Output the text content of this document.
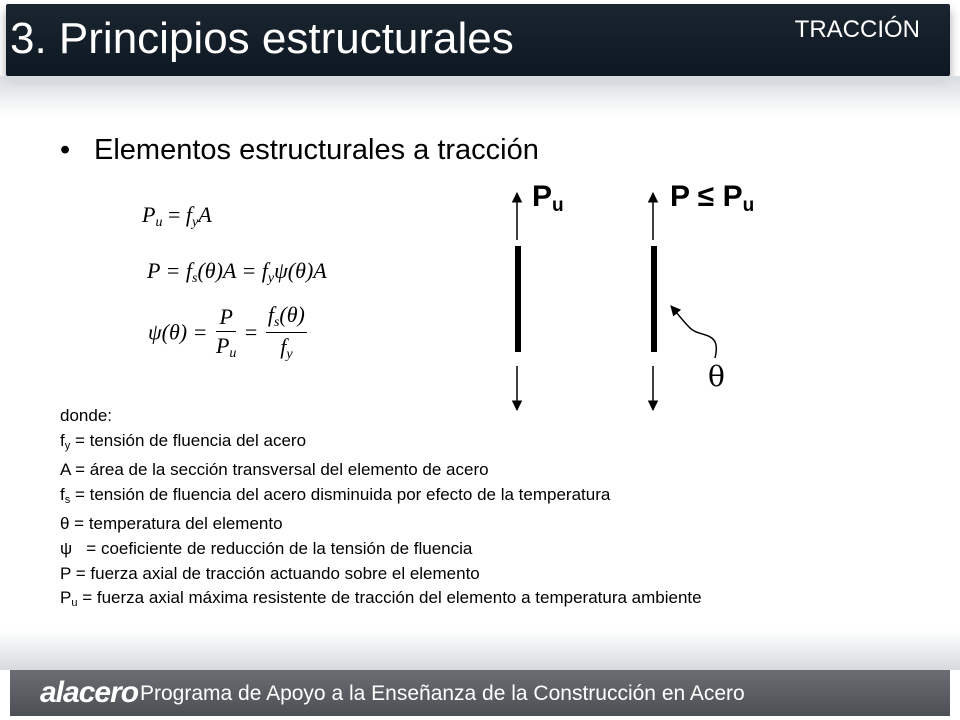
3. Principios estructurales	TRACCIÓN
• Elementos estructurales a tracción
$P_u = f_yA$
$P = f_s(\theta)A = f_y\psi(\theta)A$
$\psi(\theta) = \frac{P}{P_u} = \frac{f_s(\theta)}{f_y}$
$P_u$	$P \le P_u$
θ
donde:
$f_y$ = tensión de fluencia del acero
A = área de la sección transversal del elemento de acero
$f_s$ = tensión de fluencia del acero disminuida por efecto de la temperatura
θ = temperatura del elemento
ψ   = coeficiente de reducción de la tensión de fluencia
P = fuerza axial de tracción actuando sobre el elemento
$P_u$ = fuerza axial máxima resistente de tracción del elemento a temperatura ambiente
alacero Programa de Apoyo a la Enseñanza de la Construcción en Acero
